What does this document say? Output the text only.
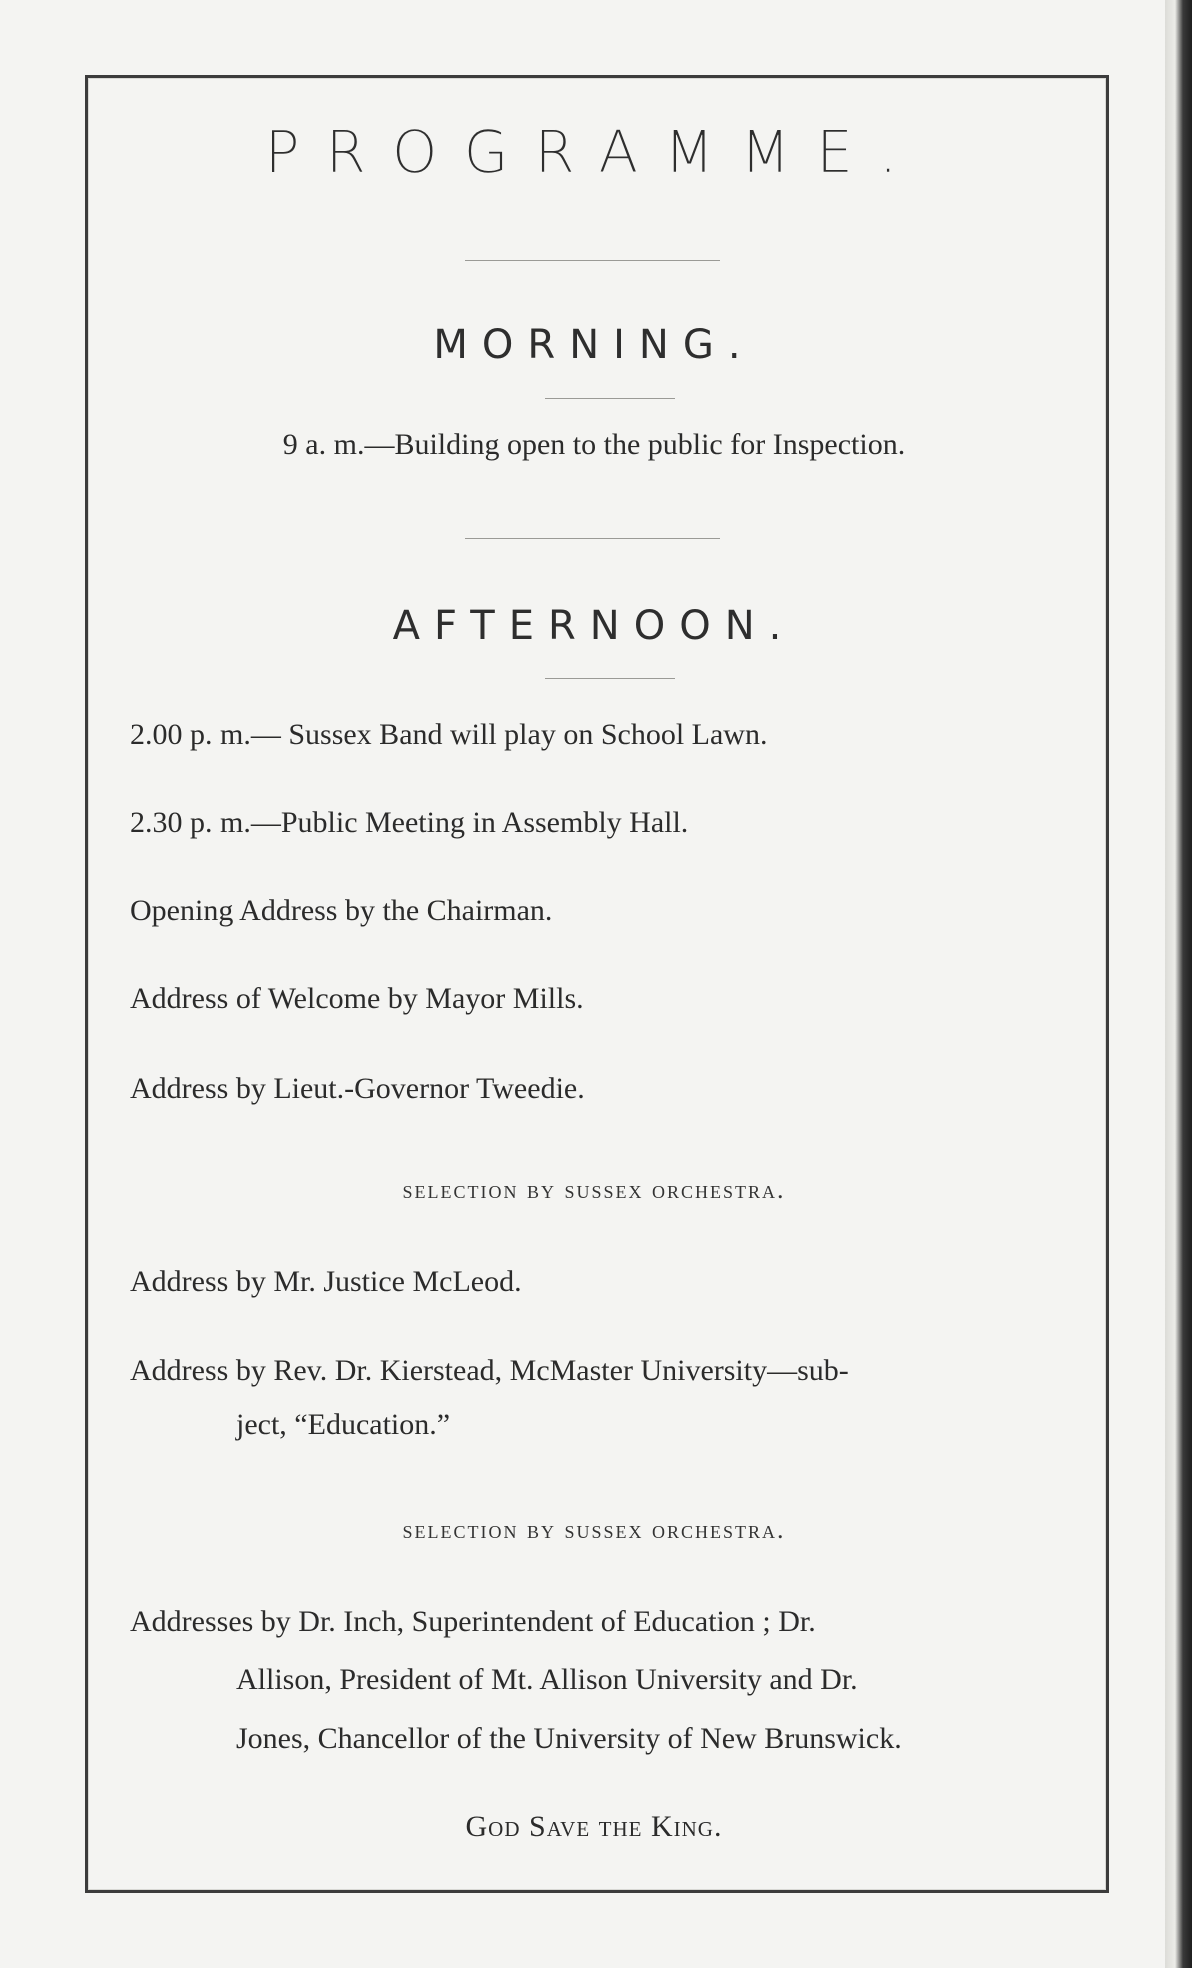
PROGRAMME.
MORNING.
9 a. m.—Building open to the public for Inspection.
AFTERNOON.
2.00 p. m.— Sussex Band will play on School Lawn.
2.30 p. m.—Public Meeting in Assembly Hall.
Opening Address by the Chairman.
Address of Welcome by Mayor Mills.
Address by Lieut.-Governor Tweedie.
selection by sussex orchestra.
Address by Mr. Justice McLeod.
Address by Rev. Dr. Kierstead, McMaster University—sub-
ject, “Education.”
selection by sussex orchestra.
Addresses by Dr. Inch, Superintendent of Education ; Dr.
Allison, President of Mt. Allison University and Dr.
Jones, Chancellor of the University of New Brunswick.
God Save the King.
